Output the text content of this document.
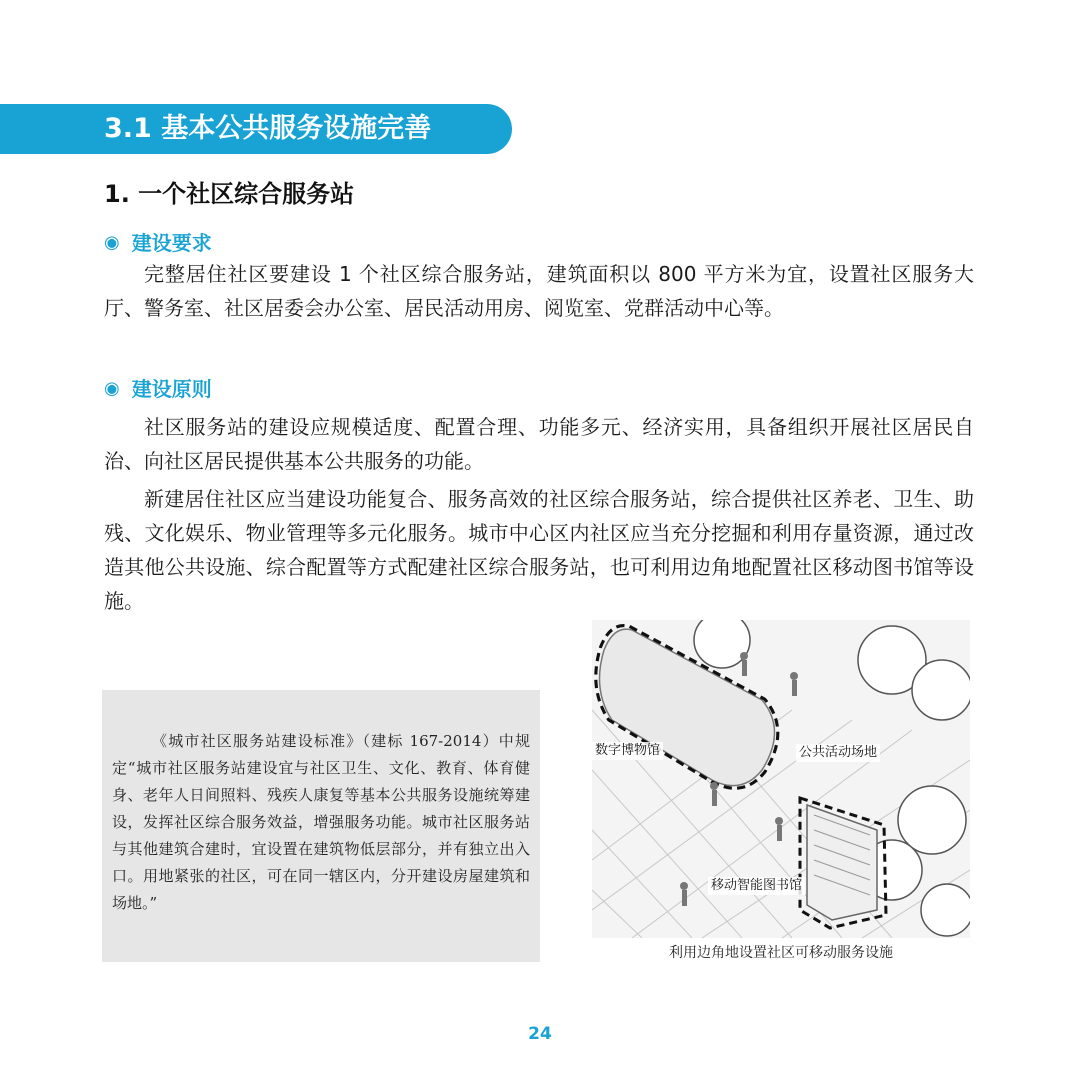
3.1 基本公共服务设施完善
1. 一个社区综合服务站
◉ 建设要求

完整居住社区要建设 1 个社区综合服务站，建筑面积以 800 平方米为宜，设置社区服务大厅、警务室、社区居委会办公室、居民活动用房、阅览室、党群活动中心等。

◉ 建设原则

社区服务站的建设应规模适度、配置合理、功能多元、经济实用，具备组织开展社区居民自治、向社区居民提供基本公共服务的功能。

新建居住社区应当建设功能复合、服务高效的社区综合服务站，综合提供社区养老、卫生、助残、文化娱乐、物业管理等多元化服务。城市中心区内社区应当充分挖掘和利用存量资源，通过改造其他公共设施、综合配置等方式配建社区综合服务站，也可利用边角地配置社区移动图书馆等设施。

《城市社区服务站建设标准》（建标 167-2014）中规定“城市社区服务站建设宜与社区卫生、文化、教育、体育健身、老年人日间照料、残疾人康复等基本公共服务设施统筹建设，发挥社区综合服务效益，增强服务功能。城市社区服务站与其他建筑合建时，宜设置在建筑物低层部分，并有独立出入口。用地紧张的社区，可在同一辖区内，分开建设房屋建筑和场地。”

数字博物馆	公共活动场地
移动智能图书馆

利用边角地设置社区可移动服务设施

24
